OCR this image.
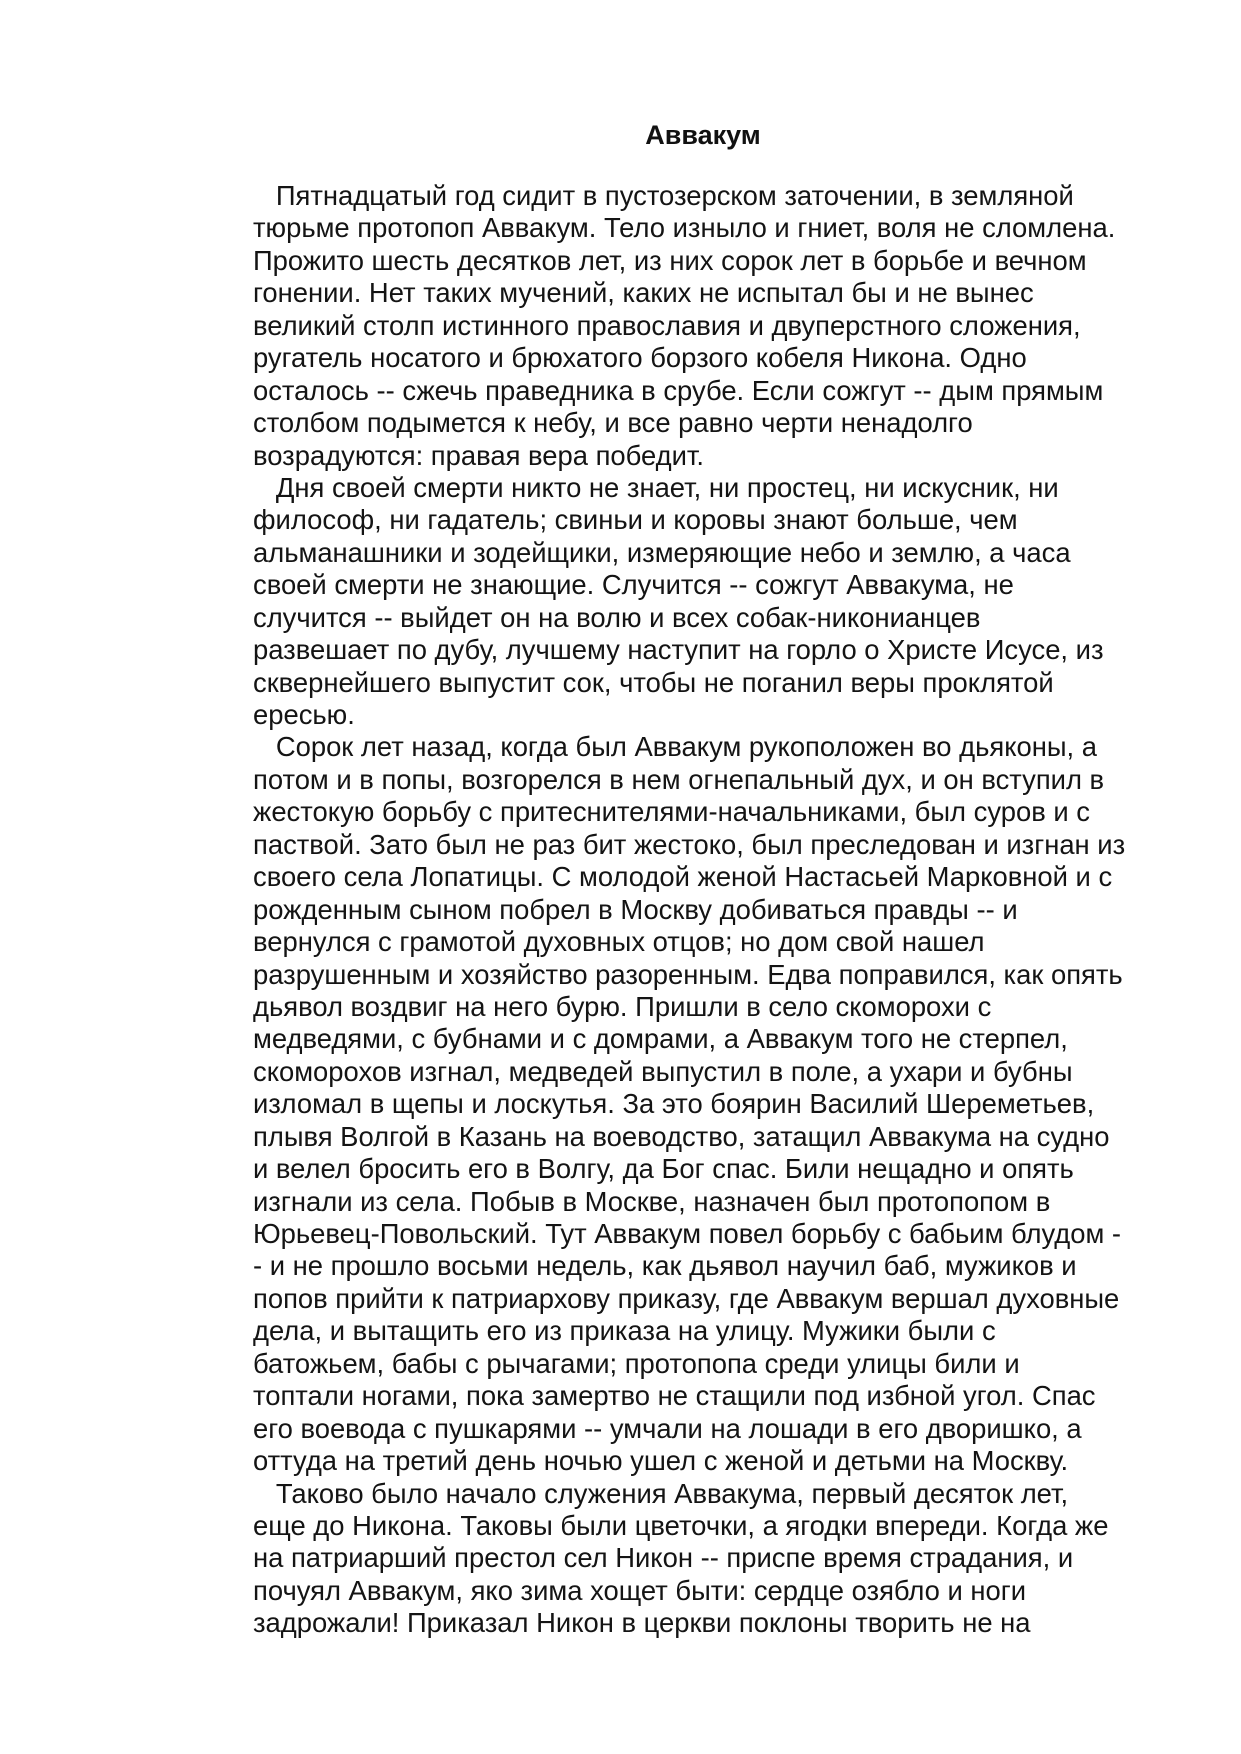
Аввакум
Пятнадцатый год сидит в пустозерском заточении, в земляной
тюрьме протопоп Аввакум. Тело изныло и гниет, воля не сломлена.
Прожито шесть десятков лет, из них сорок лет в борьбе и вечном
гонении. Нет таких мучений, каких не испытал бы и не вынес
великий столп истинного православия и двуперстного сложения,
ругатель носатого и брюхатого борзого кобеля Никона. Одно
осталось -- сжечь праведника в срубе. Если сожгут -- дым прямым
столбом подымется к небу, и все равно черти ненадолго
возрадуются: правая вера победит.
Дня своей смерти никто не знает, ни простец, ни искусник, ни
философ, ни гадатель; свиньи и коровы знают больше, чем
альманашники и зодейщики, измеряющие небо и землю, а часа
своей смерти не знающие. Случится -- сожгут Аввакума, не
случится -- выйдет он на волю и всех собак-никонианцев
развешает по дубу, лучшему наступит на горло о Христе Исусе, из
сквернейшего выпустит сок, чтобы не поганил веры проклятой
ересью.
Сорок лет назад, когда был Аввакум рукоположен во дьяконы, а
потом и в попы, возгорелся в нем огнепальный дух, и он вступил в
жестокую борьбу с притеснителями-начальниками, был суров и с
паствой. Зато был не раз бит жестоко, был преследован и изгнан из
своего села Лопатицы. С молодой женой Настасьей Марковной и с
рожденным сыном побрел в Москву добиваться правды -- и
вернулся с грамотой духовных отцов; но дом свой нашел
разрушенным и хозяйство разоренным. Едва поправился, как опять
дьявол воздвиг на него бурю. Пришли в село скоморохи с
медведями, с бубнами и с домрами, а Аввакум того не стерпел,
скоморохов изгнал, медведей выпустил в поле, а ухари и бубны
изломал в щепы и лоскутья. За это боярин Василий Шереметьев,
плывя Волгой в Казань на воеводство, затащил Аввакума на судно
и велел бросить его в Волгу, да Бог спас. Били нещадно и опять
изгнали из села. Побыв в Москве, назначен был протопопом в
Юрьевец-Повольский. Тут Аввакум повел борьбу с бабьим блудом -
- и не прошло восьми недель, как дьявол научил баб, мужиков и
попов прийти к патриархову приказу, где Аввакум вершал духовные
дела, и вытащить его из приказа на улицу. Мужики были с
батожьем, бабы с рычагами; протопопа среди улицы били и
топтали ногами, пока замертво не стащили под избной угол. Спас
его воевода с пушкарями -- умчали на лошади в его дворишко, а
оттуда на третий день ночью ушел с женой и детьми на Москву.
Таково было начало служения Аввакума, первый десяток лет,
еще до Никона. Таковы были цветочки, а ягодки впереди. Когда же
на патриарший престол сел Никон -- приспе время страдания, и
почуял Аввакум, яко зима хощет быти: сердце озябло и ноги
задрожали! Приказал Никон в церкви поклоны творить не на
